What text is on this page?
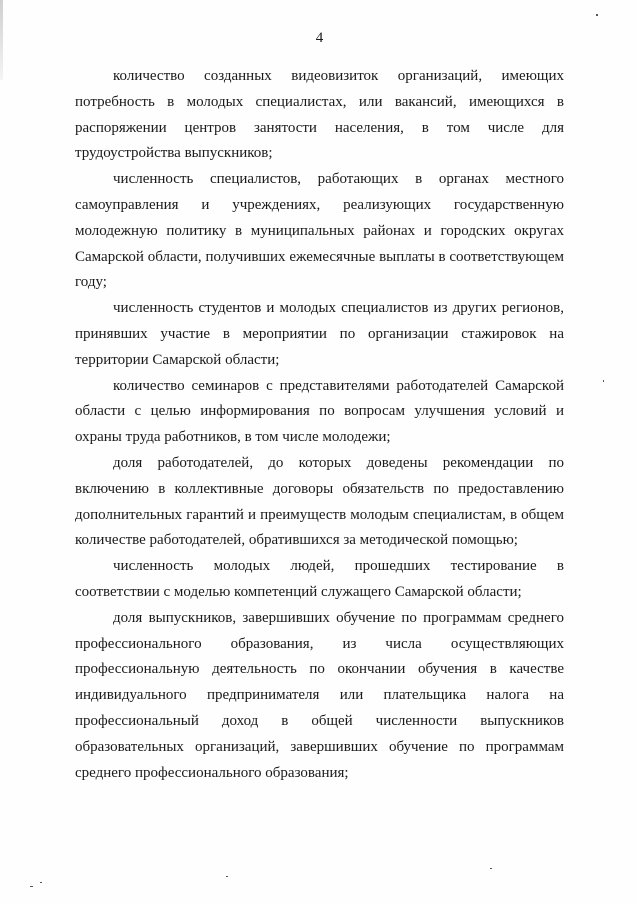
4

количество созданных видеовизиток организаций, имеющих потребность в молодых специалистах, или вакансий, имеющихся в распоряжении центров занятости населения, в том числе для трудоустройства выпускников;

численность специалистов, работающих в органах местного самоуправления и учреждениях, реализующих государственную молодежную политику в муниципальных районах и городских округах Самарской области, получивших ежемесячные выплаты в соответствующем году;

численность студентов и молодых специалистов из других регионов, принявших участие в мероприятии по организации стажировок на территории Самарской области;

количество семинаров с представителями работодателей Самарской области с целью информирования по вопросам улучшения условий и охраны труда работников, в том числе молодежи;

доля работодателей, до которых доведены рекомендации по включению в коллективные договоры обязательств по предоставлению дополнительных гарантий и преимуществ молодым специалистам, в общем количестве работодателей, обратившихся за методической помощью;

численность молодых людей, прошедших тестирование в соответствии с моделью компетенций служащего Самарской области;

доля выпускников, завершивших обучение по программам среднего профессионального образования, из числа осуществляющих профессиональную деятельность по окончании обучения в качестве индивидуального предпринимателя или плательщика налога на профессиональный доход в общей численности выпускников образовательных организаций, завершивших обучение по программам среднего профессионального образования;
